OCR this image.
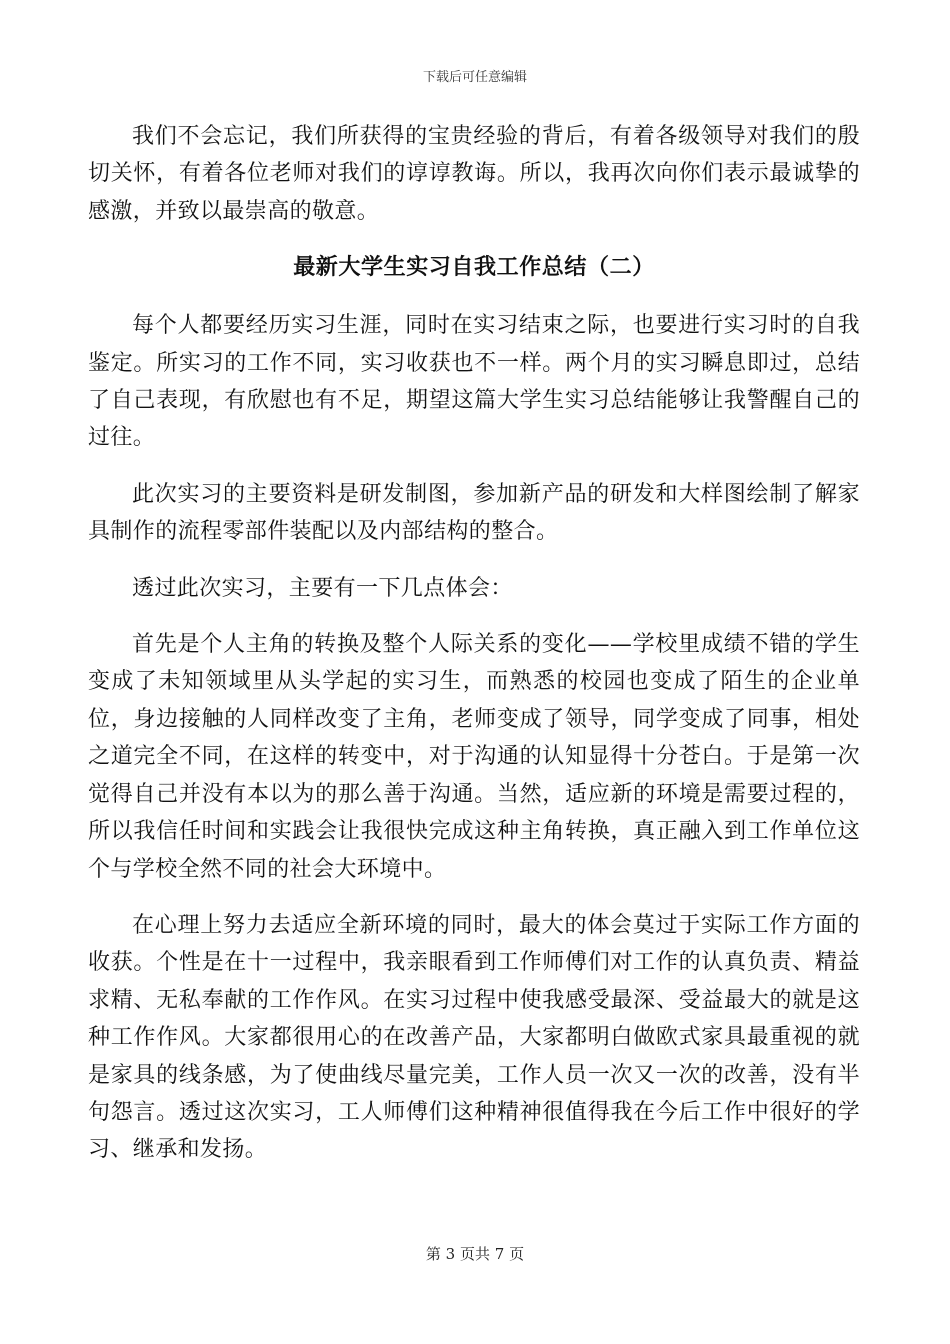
下载后可任意编辑

我们不会忘记，我们所获得的宝贵经验的背后，有着各级领导对我们的殷切关怀，有着各位老师对我们的谆谆教诲。所以，我再次向你们表示最诚挚的感激，并致以最崇高的敬意。

最新大学生实习自我工作总结（二）

每个人都要经历实习生涯，同时在实习结束之际，也要进行实习时的自我鉴定。所实习的工作不同，实习收获也不一样。两个月的实习瞬息即过，总结了自己表现，有欣慰也有不足，期望这篇大学生实习总结能够让我警醒自己的过往。

此次实习的主要资料是研发制图，参加新产品的研发和大样图绘制了解家具制作的流程零部件装配以及内部结构的整合。

透过此次实习，主要有一下几点体会：

首先是个人主角的转换及整个人际关系的变化——学校里成绩不错的学生变成了未知领域里从头学起的实习生，而熟悉的校园也变成了陌生的企业单位，身边接触的人同样改变了主角，老师变成了领导，同学变成了同事，相处之道完全不同，在这样的转变中，对于沟通的认知显得十分苍白。于是第一次觉得自己并没有本以为的那么善于沟通。当然，适应新的环境是需要过程的，所以我信任时间和实践会让我很快完成这种主角转换，真正融入到工作单位这个与学校全然不同的社会大环境中。

在心理上努力去适应全新环境的同时，最大的体会莫过于实际工作方面的收获。个性是在十一过程中，我亲眼看到工作师傅们对工作的认真负责、精益求精、无私奉献的工作作风。在实习过程中使我感受最深、受益最大的就是这种工作作风。大家都很用心的在改善产品，大家都明白做欧式家具最重视的就是家具的线条感，为了使曲线尽量完美，工作人员一次又一次的改善，没有半句怨言。透过这次实习，工人师傅们这种精神很值得我在今后工作中很好的学习、继承和发扬。

第 3 页共 7 页
